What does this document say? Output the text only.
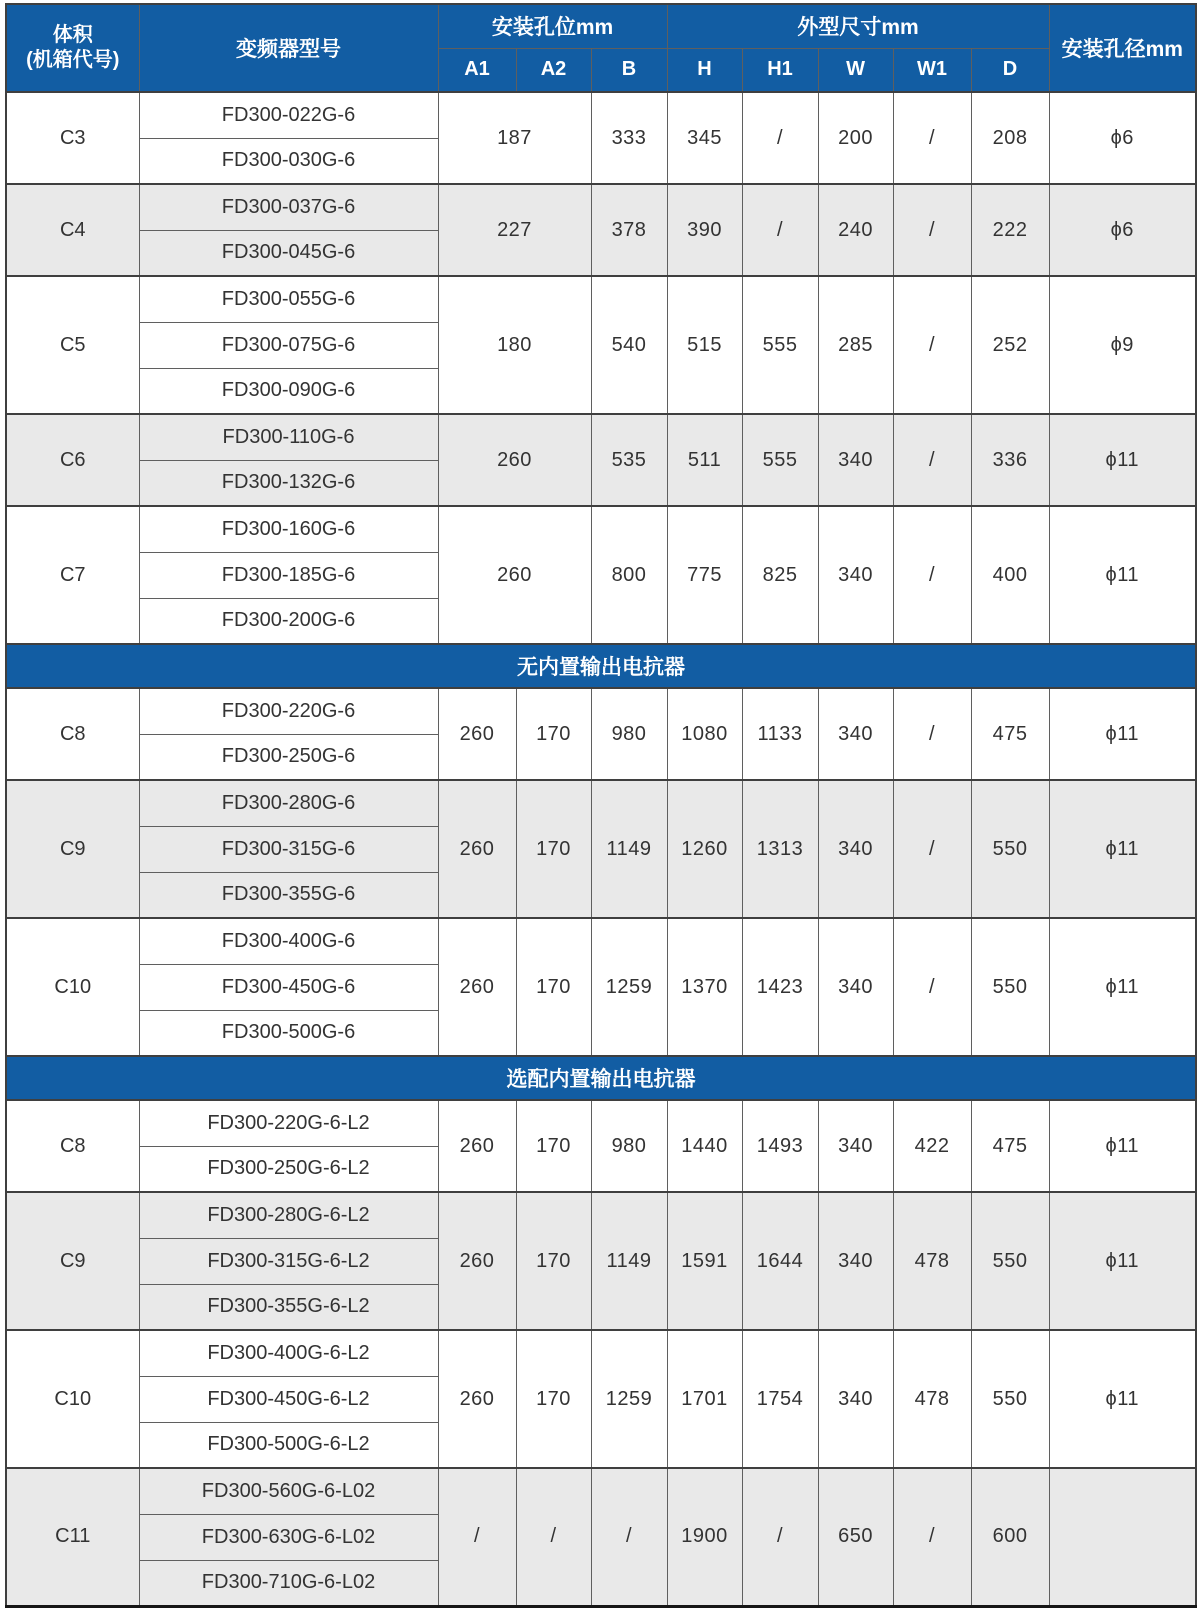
体积
(机箱代号)	变频器型号	安装孔位mm			外型尺寸mm					安装孔径mm
		A1	A2	B	H	H1	W	W1	D	
C3	FD300-022G-6	187		333	345	/	200	/	208	ϕ6
	FD300-030G-6									
C4	FD300-037G-6	227		378	390	/	240	/	222	ϕ6
	FD300-045G-6									
C5	FD300-055G-6	180		540	515	555	285	/	252	ϕ9
	FD300-075G-6									
	FD300-090G-6									
C6	FD300-110G-6	260		535	511	555	340	/	336	ϕ11
	FD300-132G-6									
C7	FD300-160G-6	260		800	775	825	340	/	400	ϕ11
	FD300-185G-6									
	FD300-200G-6									
无内置输出电抗器										
C8	FD300-220G-6	260	170	980	1080	1133	340	/	475	ϕ11
	FD300-250G-6									
C9	FD300-280G-6	260	170	1149	1260	1313	340	/	550	ϕ11
	FD300-315G-6									
	FD300-355G-6									
C10	FD300-400G-6	260	170	1259	1370	1423	340	/	550	ϕ11
	FD300-450G-6									
	FD300-500G-6									
选配内置输出电抗器										
C8	FD300-220G-6-L2	260	170	980	1440	1493	340	422	475	ϕ11
	FD300-250G-6-L2									
C9	FD300-280G-6-L2	260	170	1149	1591	1644	340	478	550	ϕ11
	FD300-315G-6-L2									
	FD300-355G-6-L2									
C10	FD300-400G-6-L2	260	170	1259	1701	1754	340	478	550	ϕ11
	FD300-450G-6-L2									
	FD300-500G-6-L2									
C11	FD300-560G-6-L02	/	/	/	1900	/	650	/	600	
	FD300-630G-6-L02									
	FD300-710G-6-L02									
